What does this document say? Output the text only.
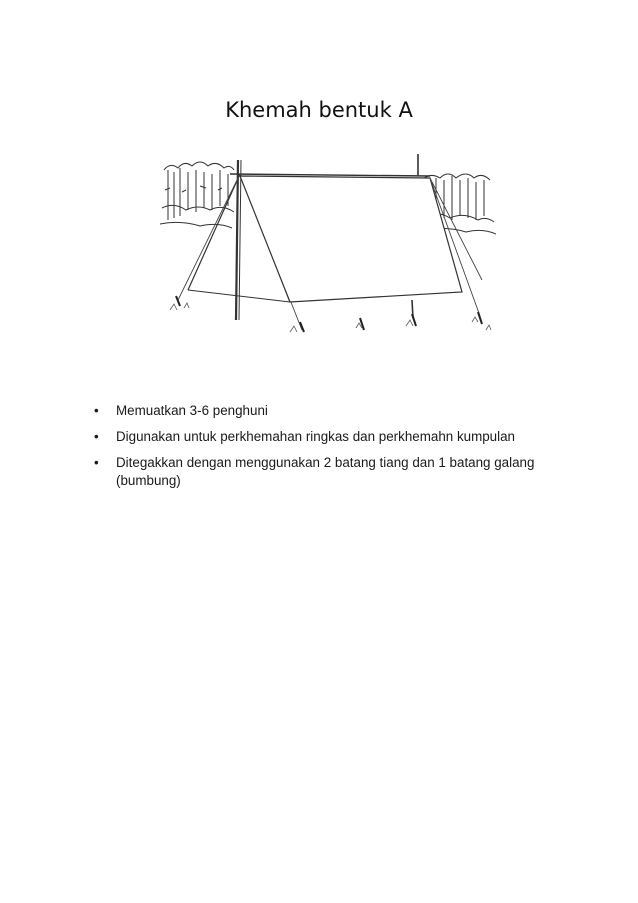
Khemah bentuk A
• Memuatkan 3-6 penghuni
• Digunakan untuk perkhemahan ringkas dan perkhemahn kumpulan
• Ditegakkan dengan menggunakan 2 batang tiang dan 1 batang galang (bumbung)
